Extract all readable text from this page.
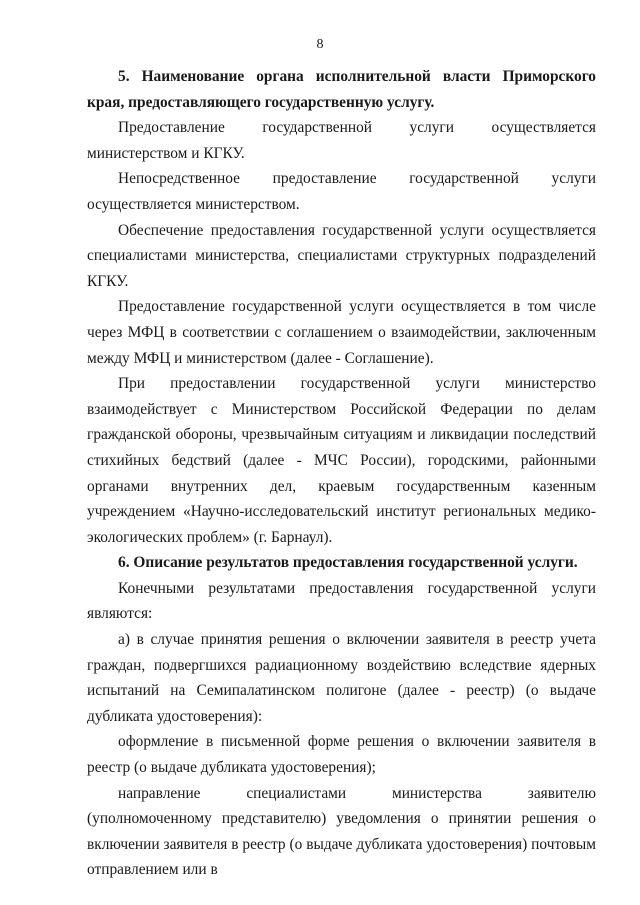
8

5. Наименование органа исполнительной власти Приморского края, предоставляющего государственную услугу.

Предоставление государственной услуги осуществляется министерством и КГКУ.

Непосредственное предоставление государственной услуги осуществляется министерством.

Обеспечение предоставления государственной услуги осуществляется специалистами министерства, специалистами структурных подразделений КГКУ.

Предоставление государственной услуги осуществляется в том числе через МФЦ в соответствии с соглашением о взаимодействии, заключенным между МФЦ и министерством (далее - Соглашение).

При предоставлении государственной услуги министерство взаимодействует с Министерством Российской Федерации по делам гражданской обороны, чрезвычайным ситуациям и ликвидации последствий стихийных бедствий (далее - МЧС России), городскими, районными органами внутренних дел, краевым государственным казенным учреждением «Научно-исследовательский институт региональных медико-экологических проблем» (г. Барнаул).

6. Описание результатов предоставления государственной услуги.

Конечными результатами предоставления государственной услуги являются:

а) в случае принятия решения о включении заявителя в реестр учета граждан, подвергшихся радиационному воздействию вследствие ядерных испытаний на Семипалатинском полигоне (далее - реестр) (о выдаче дубликата удостоверения):

оформление в письменной форме решения о включении заявителя в реестр (о выдаче дубликата удостоверения);

направление специалистами министерства заявителю (уполномоченному представителю) уведомления о принятии решения о включении заявителя в реестр (о выдаче дубликата удостоверения) почтовым отправлением или в
